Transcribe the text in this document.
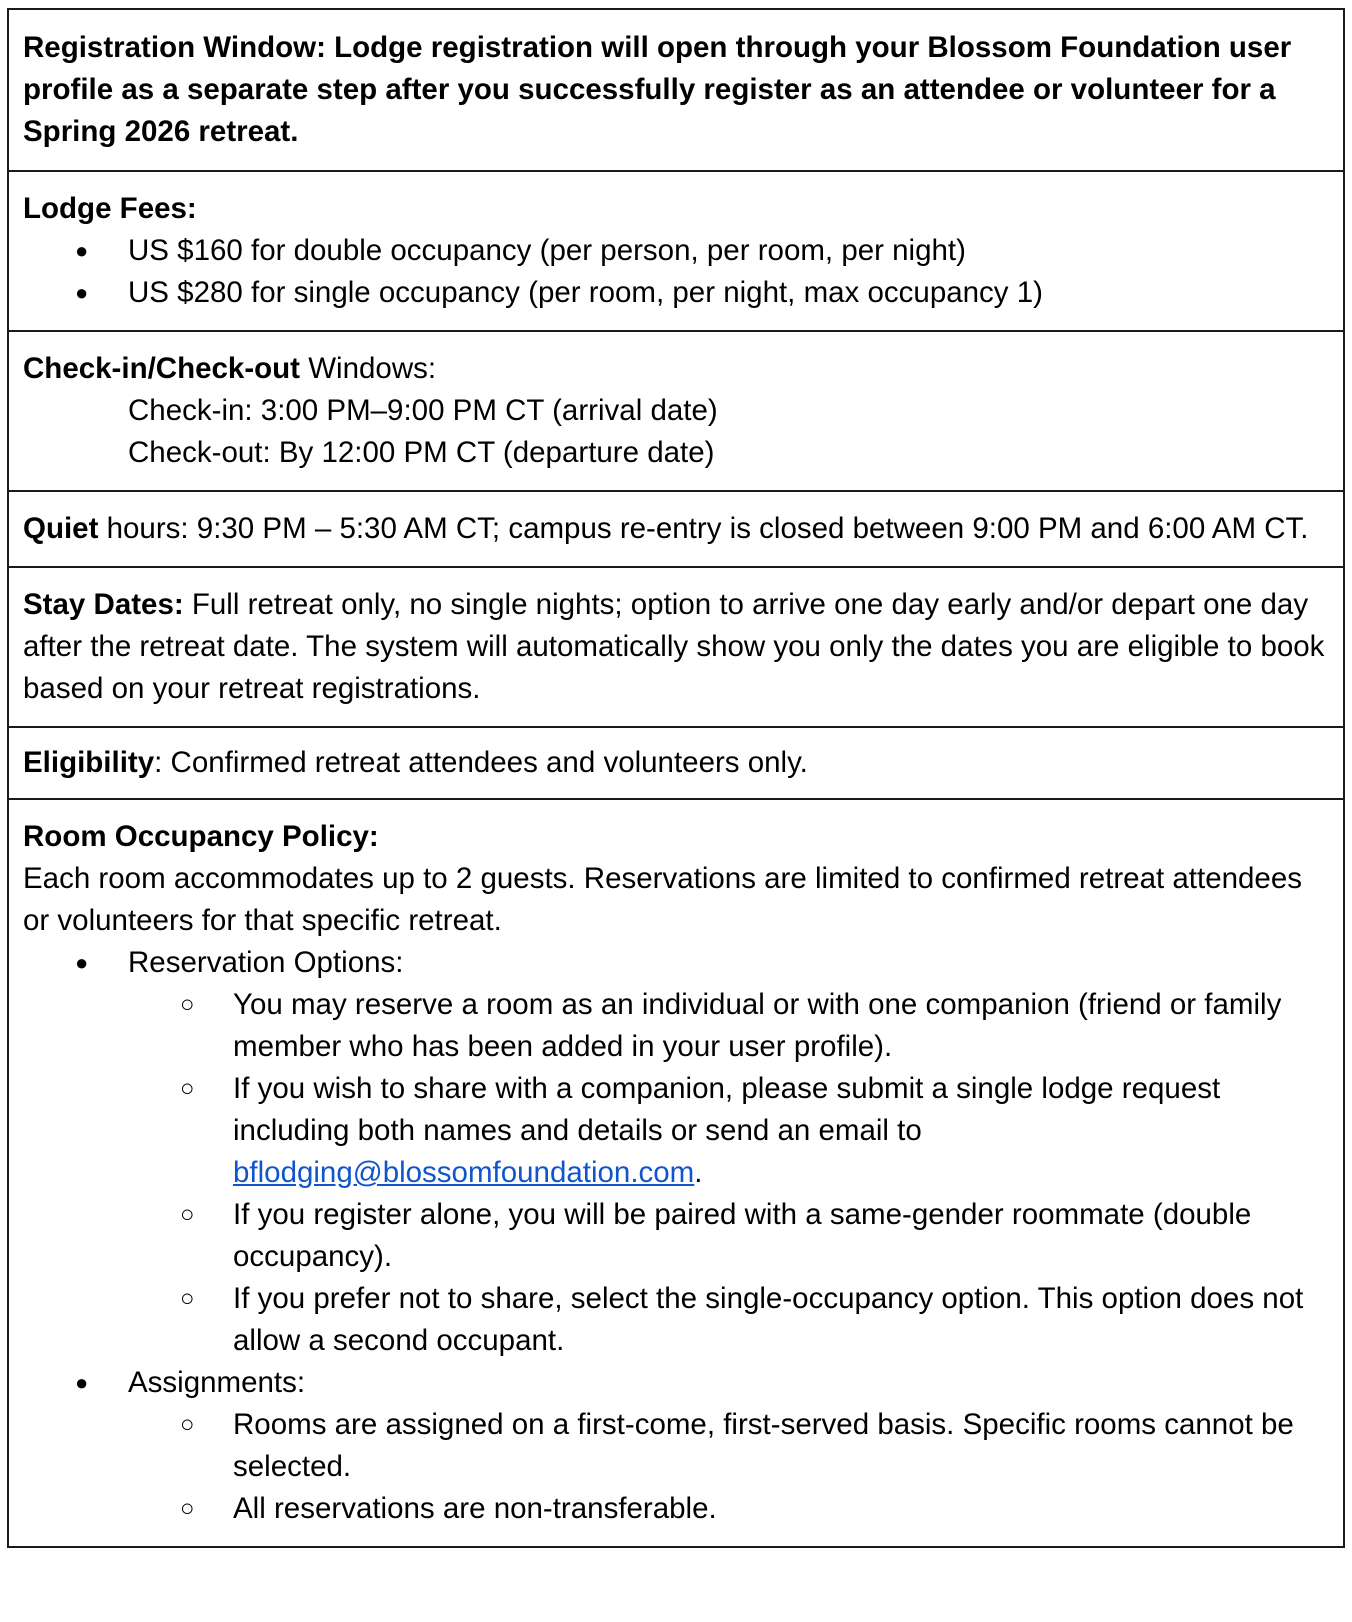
Registration Window: Lodge registration will open through your Blossom Foundation user profile as a separate step after you successfully register as an attendee or volunteer for a Spring 2026 retreat.
Lodge Fees:
● US $160 for double occupancy (per person, per room, per night)
● US $280 for single occupancy (per room, per night, max occupancy 1)
Check-in/Check-out Windows:
Check-in: 3:00 PM–9:00 PM CT (arrival date)
Check-out: By 12:00 PM CT (departure date)
Quiet hours: 9:30 PM – 5:30 AM CT; campus re-entry is closed between 9:00 PM and 6:00 AM CT.
Stay Dates: Full retreat only, no single nights; option to arrive one day early and/or depart one day after the retreat date. The system will automatically show you only the dates you are eligible to book based on your retreat registrations.
Eligibility: Confirmed retreat attendees and volunteers only.
Room Occupancy Policy:
Each room accommodates up to 2 guests. Reservations are limited to confirmed retreat attendees or volunteers for that specific retreat.
● Reservation Options:
○ You may reserve a room as an individual or with one companion (friend or family member who has been added in your user profile).
○ If you wish to share with a companion, please submit a single lodge request including both names and details or send an email to bflodging@blossomfoundation.com.
○ If you register alone, you will be paired with a same-gender roommate (double occupancy).
○ If you prefer not to share, select the single-occupancy option. This option does not allow a second occupant.
● Assignments:
○ Rooms are assigned on a first-come, first-served basis. Specific rooms cannot be selected.
○ All reservations are non-transferable.
